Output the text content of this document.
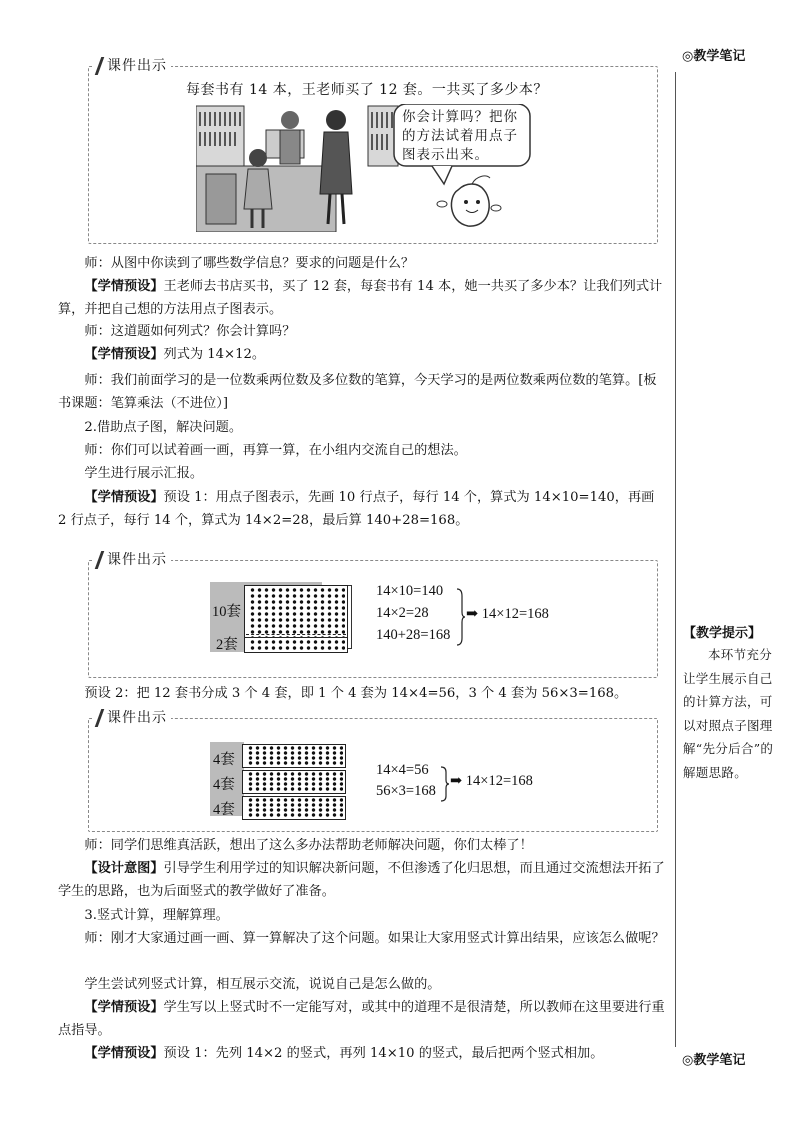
◎教学笔记
【教学提示】
本环节充分让学生展示自己的计算方法，可以对照点子图理解“先分后合”的解题思路。
◎教学笔记
课件出示
每套书有 14 本，王老师买了 12 套。一共买了多少本？
你会计算吗？把你的方法试着用点子图表示出来。
师：从图中你读到了哪些数学信息？要求的问题是什么？
【学情预设】王老师去书店买书，买了 12 套，每套书有 14 本，她一共买了多少本？让我们列式计算，并把自己想的方法用点子图表示。
师：这道题如何列式？你会计算吗？
【学情预设】列式为 14×12。
师：我们前面学习的是一位数乘两位数及多位数的笔算，今天学习的是两位数乘两位数的笔算。[板书课题：笔算乘法（不进位）]
2.借助点子图，解决问题。
师：你们可以试着画一画，再算一算，在小组内交流自己的想法。
学生进行展示汇报。
【学情预设】预设 1：用点子图表示，先画 10 行点子，每行 14 个，算式为 14×10=140，再画 2 行点子，每行 14 个，算式为 14×2=28，最后算 140+28=168。
课件出示
10套
2套
14×10=140
14×2=28
140+28=168
➡ 14×12=168
预设 2：把 12 套书分成 3 个 4 套，即 1 个 4 套为 14×4=56，3 个 4 套为 56×3=168。
课件出示
4套
4套
4套
14×4=56
56×3=168
➡ 14×12=168
师：同学们思维真活跃，想出了这么多办法帮助老师解决问题，你们太棒了！
【设计意图】引导学生利用学过的知识解决新问题，不但渗透了化归思想，而且通过交流想法开拓了学生的思路，也为后面竖式的教学做好了准备。
3.竖式计算，理解算理。
师：刚才大家通过画一画、算一算解决了这个问题。如果让大家用竖式计算出结果，应该怎么做呢？
学生尝试列竖式计算，相互展示交流，说说自己是怎么做的。
【学情预设】学生写以上竖式时不一定能写对，或其中的道理不是很清楚，所以教师在这里要进行重点指导。
【学情预设】预设 1：先列 14×2 的竖式，再列 14×10 的竖式，最后把两个竖式相加。
